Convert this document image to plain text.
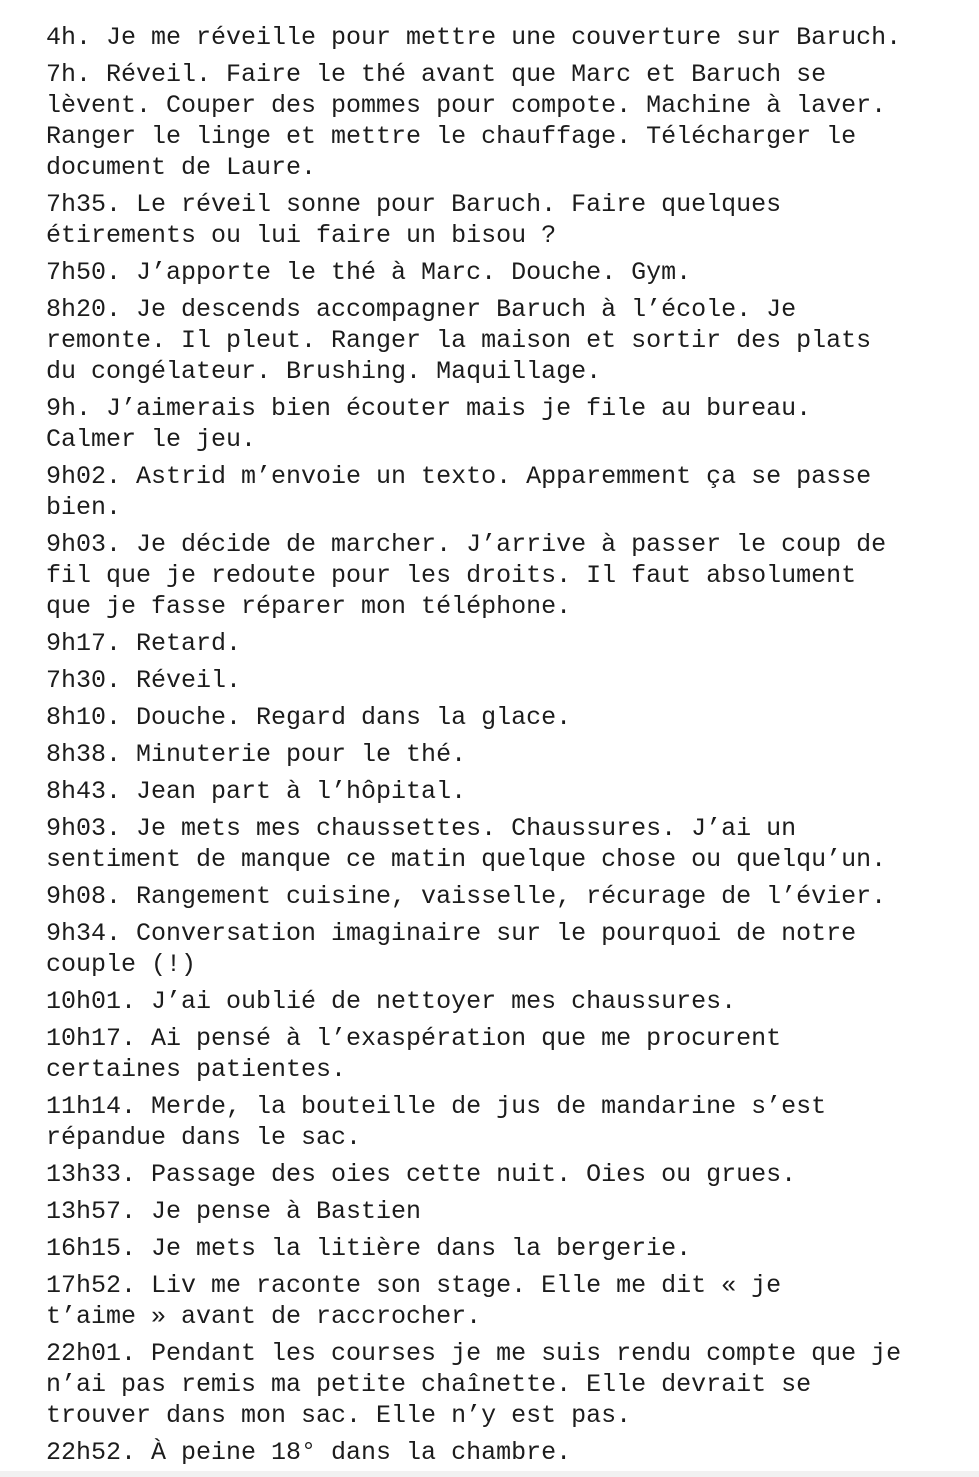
4h. Je me réveille pour mettre une couverture sur Baruch.
7h. Réveil. Faire le thé avant que Marc et Baruch se
lèvent. Couper des pommes pour compote. Machine à laver.
Ranger le linge et mettre le chauffage. Télécharger le
document de Laure.
7h35. Le réveil sonne pour Baruch. Faire quelques
étirements ou lui faire un bisou ?
7h50. J’apporte le thé à Marc. Douche. Gym.
8h20. Je descends accompagner Baruch à l’école. Je
remonte. Il pleut. Ranger la maison et sortir des plats
du congélateur. Brushing. Maquillage.
9h. J’aimerais bien écouter mais je file au bureau.
Calmer le jeu.
9h02. Astrid m’envoie un texto. Apparemment ça se passe
bien.
9h03. Je décide de marcher. J’arrive à passer le coup de
fil que je redoute pour les droits. Il faut absolument
que je fasse réparer mon téléphone.
9h17. Retard.
7h30. Réveil.
8h10. Douche. Regard dans la glace.
8h38. Minuterie pour le thé.
8h43. Jean part à l’hôpital.
9h03. Je mets mes chaussettes. Chaussures. J’ai un
sentiment de manque ce matin quelque chose ou quelqu’un.
9h08. Rangement cuisine, vaisselle, récurage de l’évier.
9h34. Conversation imaginaire sur le pourquoi de notre
couple (!)
10h01. J’ai oublié de nettoyer mes chaussures.
10h17. Ai pensé à l’exaspération que me procurent
certaines patientes.
11h14. Merde, la bouteille de jus de mandarine s’est
répandue dans le sac.
13h33. Passage des oies cette nuit. Oies ou grues.
13h57. Je pense à Bastien
16h15. Je mets la litière dans la bergerie.
17h52. Liv me raconte son stage. Elle me dit « je
t’aime » avant de raccrocher.
22h01. Pendant les courses je me suis rendu compte que je
n’ai pas remis ma petite chaînette. Elle devrait se
trouver dans mon sac. Elle n’y est pas.
22h52. À peine 18° dans la chambre.
